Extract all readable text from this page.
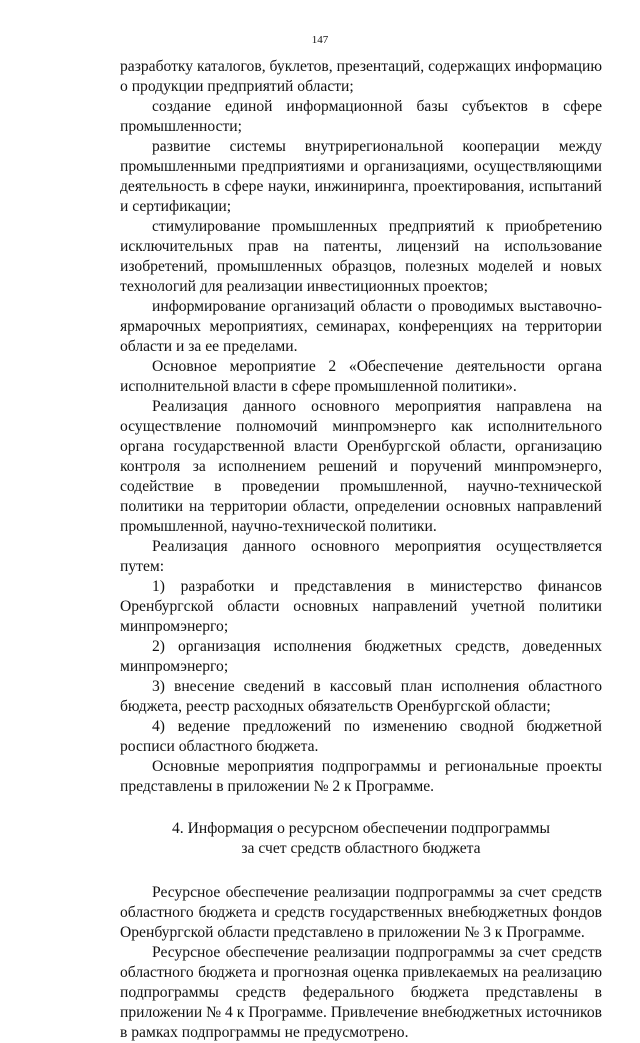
147

разработку каталогов, буклетов, презентаций, содержащих информацию о продукции предприятий области;

создание единой информационной базы субъектов в сфере промышленности;

развитие системы внутрирегиональной кооперации между промышленными предприятиями и организациями, осуществляющими деятельность в сфере науки, инжиниринга, проектирования, испытаний и сертификации;

стимулирование промышленных предприятий к приобретению исключительных прав на патенты, лицензий на использование изобретений, промышленных образцов, полезных моделей и новых технологий для реализации инвестиционных проектов;

информирование организаций области о проводимых выставочно-ярмарочных мероприятиях, семинарах, конференциях на территории области и за ее пределами.

Основное мероприятие 2 «Обеспечение деятельности органа исполнительной власти в сфере промышленной политики».

Реализация данного основного мероприятия направлена на осуществление полномочий минпромэнерго как исполнительного органа государственной власти Оренбургской области, организацию контроля за исполнением решений и поручений минпромэнерго, содействие в проведении промышленной, научно-технической политики на территории области, определении основных направлений промышленной, научно-технической политики.

Реализация данного основного мероприятия осуществляется путем:

1) разработки и представления в министерство финансов Оренбургской области основных направлений учетной политики минпромэнерго;

2) организация исполнения бюджетных средств, доведенных минпромэнерго;

3) внесение сведений в кассовый план исполнения областного бюджета, реестр расходных обязательств Оренбургской области;

4) ведение предложений по изменению сводной бюджетной росписи областного бюджета.

Основные мероприятия подпрограммы и региональные проекты представлены в приложении № 2 к Программе.

4. Информация о ресурсном обеспечении подпрограммы
за счет средств областного бюджета

Ресурсное обеспечение реализации подпрограммы за счет средств областного бюджета и средств государственных внебюджетных фондов Оренбургской области представлено в приложении № 3 к Программе.

Ресурсное обеспечение реализации подпрограммы за счет средств областного бюджета и прогнозная оценка привлекаемых на реализацию подпрограммы средств федерального бюджета представлены в приложении № 4 к Программе. Привлечение внебюджетных источников в рамках подпрограммы не предусмотрено.
